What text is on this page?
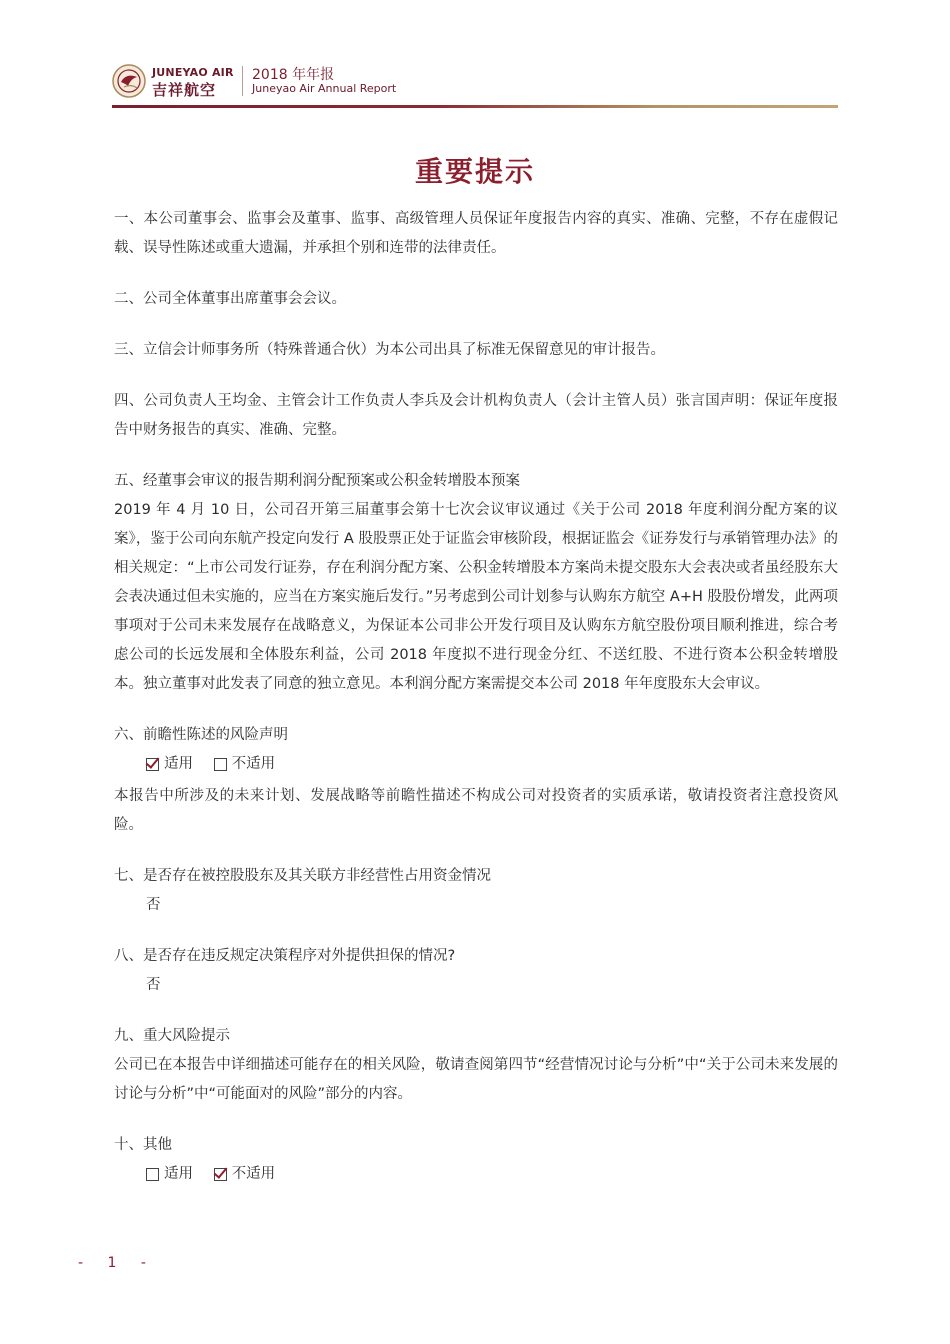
JUNEYAO AIR
吉祥航空
2018 年年报
Juneyao Air Annual Report
重要提示

一、本公司董事会、监事会及董事、监事、高级管理人员保证年度报告内容的真实、准确、完整，不存在虚假记载、误导性陈述或重大遗漏，并承担个别和连带的法律责任。

二、公司全体董事出席董事会会议。

三、立信会计师事务所（特殊普通合伙）为本公司出具了标准无保留意见的审计报告。

四、公司负责人王均金、主管会计工作负责人李兵及会计机构负责人（会计主管人员）张言国声明：保证年度报告中财务报告的真实、准确、完整。

五、经董事会审议的报告期利润分配预案或公积金转增股本预案

2019 年 4 月 10 日，公司召开第三届董事会第十七次会议审议通过《关于公司 2018 年度利润分配方案的议案》，鉴于公司向东航产投定向发行 A 股股票正处于证监会审核阶段，根据证监会《证券发行与承销管理办法》的相关规定：“上市公司发行证券，存在利润分配方案、公积金转增股本方案尚未提交股东大会表决或者虽经股东大会表决通过但未实施的，应当在方案实施后发行。”另考虑到公司计划参与认购东方航空 A+H 股股份增发，此两项事项对于公司未来发展存在战略意义，为保证本公司非公开发行项目及认购东方航空股份项目顺利推进，综合考虑公司的长远发展和全体股东利益，公司 2018 年度拟不进行现金分红、不送红股、不进行资本公积金转增股本。独立董事对此发表了同意的独立意见。本利润分配方案需提交本公司 2018 年年度股东大会审议。

六、前瞻性陈述的风险声明

适用
	不适用

本报告中所涉及的未来计划、发展战略等前瞻性描述不构成公司对投资者的实质承诺，敬请投资者注意投资风险。

七、是否存在被控股股东及其关联方非经营性占用资金情况

否

八、是否存在违反规定决策程序对外提供担保的情况?

否

九、重大风险提示

公司已在本报告中详细描述可能存在的相关风险，敬请查阅第四节“经营情况讨论与分析”中“关于公司未来发展的讨论与分析”中“可能面对的风险”部分的内容。

十、其他

适用
	不适用
- 1 -
